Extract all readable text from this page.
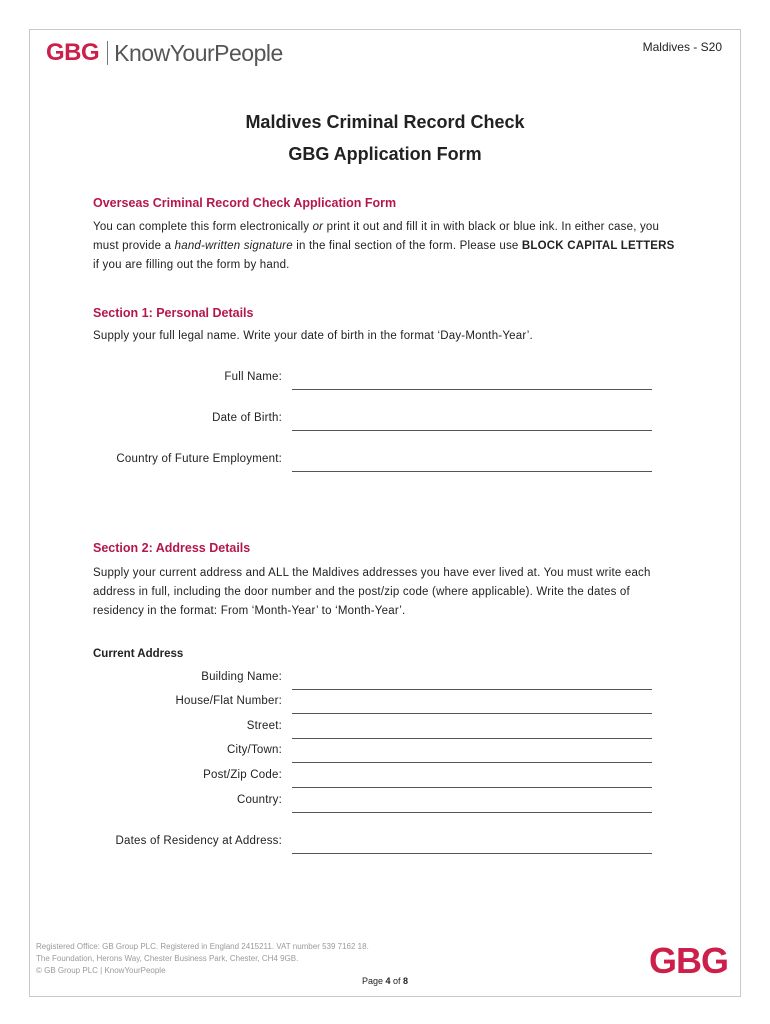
GBG KnowYourPeople	Maldives - S20
Maldives Criminal Record Check
GBG Application Form
Overseas Criminal Record Check Application Form
You can complete this form electronically or print it out and fill it in with black or blue ink. In either case, you must provide a hand-written signature in the final section of the form. Please use BLOCK CAPITAL LETTERS if you are filling out the form by hand.
Section 1: Personal Details
Supply your full legal name. Write your date of birth in the format ‘Day-Month-Year’.
Full Name:
Date of Birth:
Country of Future Employment:
Section 2: Address Details
Supply your current address and ALL the Maldives addresses you have ever lived at. You must write each address in full, including the door number and the post/zip code (where applicable). Write the dates of residency in the format: From ‘Month-Year’ to ‘Month-Year’.
Current Address
Building Name:
House/Flat Number:
Street:
City/Town:
Post/Zip Code:
Country:
Dates of Residency at Address:
Registered Office: GB Group PLC. Registered in England 2415211. VAT number 539 7162 18.
The Foundation, Herons Way, Chester Business Park, Chester, CH4 9GB.
© GB Group PLC | KnowYourPeople	GBG
Page 4 of 8
